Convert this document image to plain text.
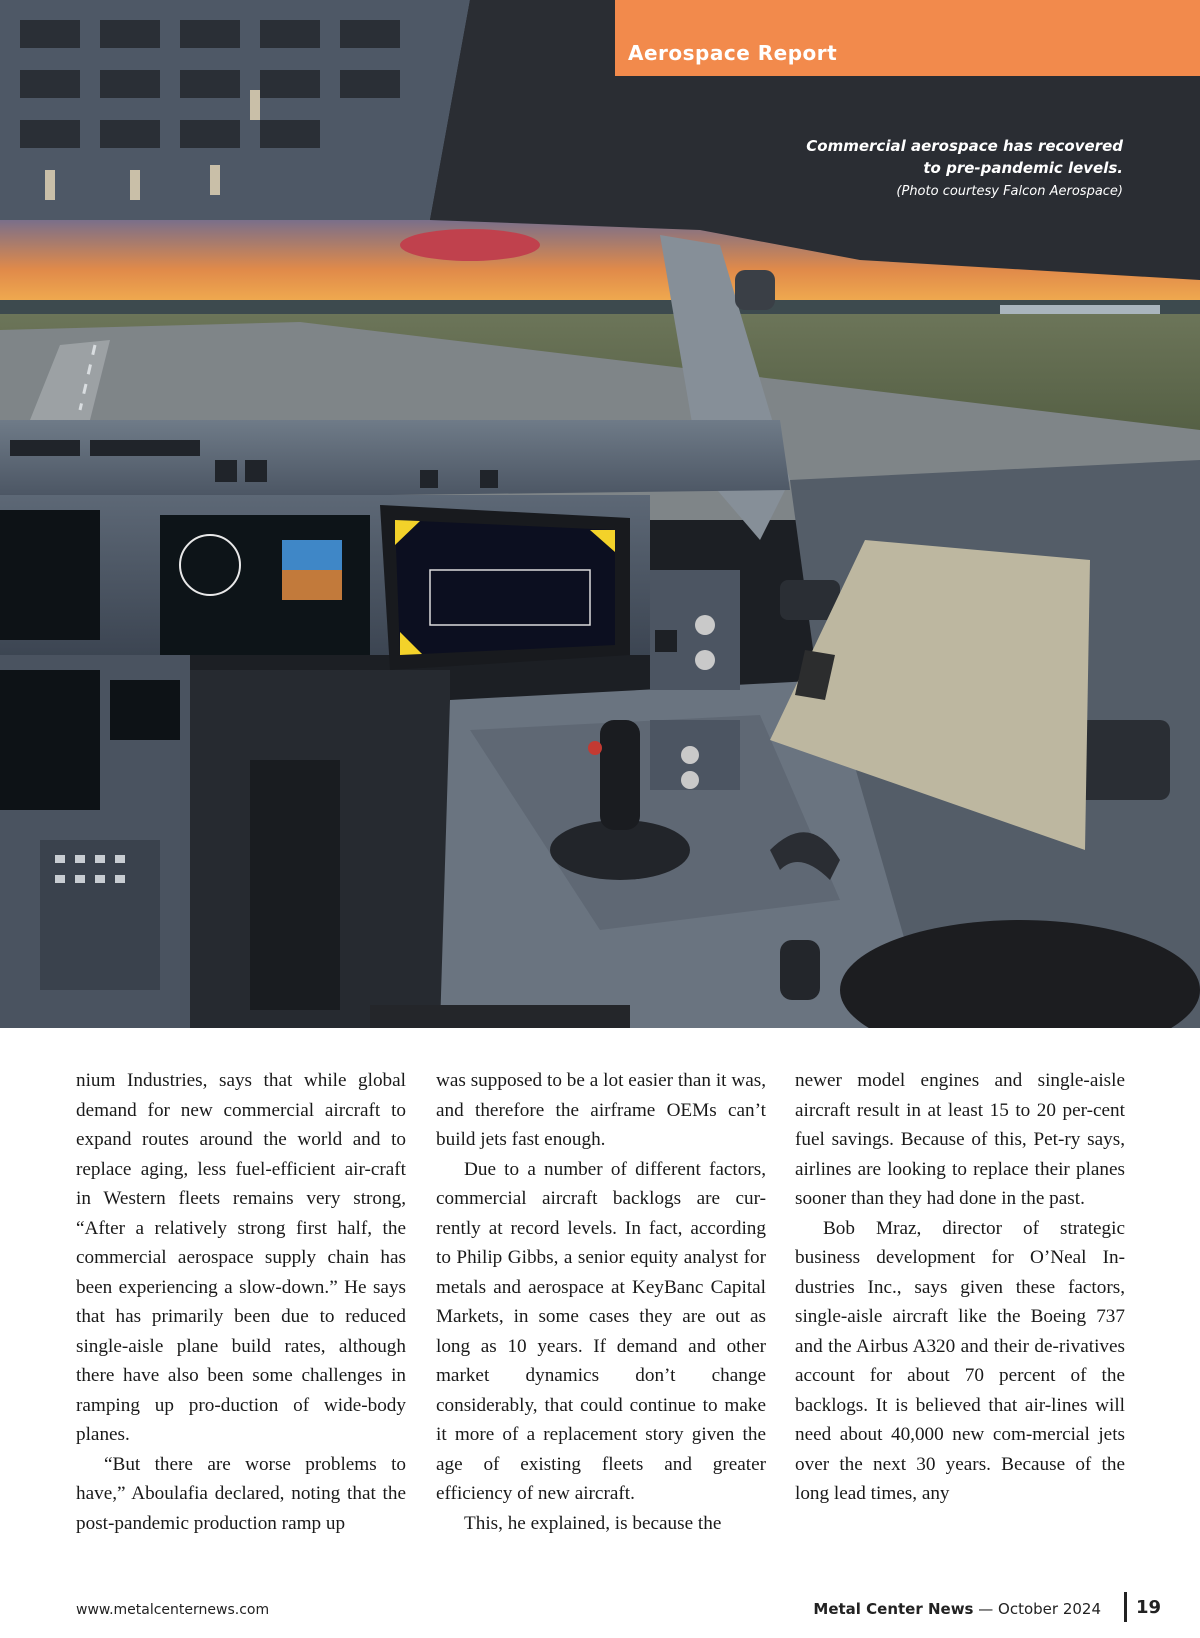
Aerospace Report
Commercial aerospace has recovered
to pre-pandemic levels.
(Photo courtesy Falcon Aerospace)

nium Industries, says that while global demand for new commercial aircraft to expand routes around the world and to replace aging, less fuel-efficient air-craft in Western fleets remains very strong, “After a relatively strong first half, the commercial aerospace supply chain has been experiencing a slow-down.” He says that has primarily been due to reduced single-aisle plane build rates, although there have also been some challenges in ramping up pro-duction of wide-body planes.

“But there are worse problems to have,” Aboulafia declared, noting that the post-pandemic production ramp up

was supposed to be a lot easier than it was, and therefore the airframe OEMs can’t build jets fast enough.

Due to a number of different factors, commercial aircraft backlogs are cur-rently at record levels. In fact, according to Philip Gibbs, a senior equity analyst for metals and aerospace at KeyBanc Capital Markets, in some cases they are out as long as 10 years. If demand and other market dynamics don’t change considerably, that could continue to make it more of a replacement story given the age of existing fleets and greater efficiency of new aircraft.

This, he explained, is because the

newer model engines and single-aisle aircraft result in at least 15 to 20 per-cent fuel savings. Because of this, Pet-ry says, airlines are looking to replace their planes sooner than they had done in the past.

Bob Mraz, director of strategic business development for O’Neal In-dustries Inc., says given these factors, single-aisle aircraft like the Boeing 737 and the Airbus A320 and their de-rivatives account for about 70 percent of the backlogs. It is believed that air-lines will need about 40,000 new com-mercial jets over the next 30 years. Because of the long lead times, any

www.metalcenternews.com	Metal Center News — October 2024 19
